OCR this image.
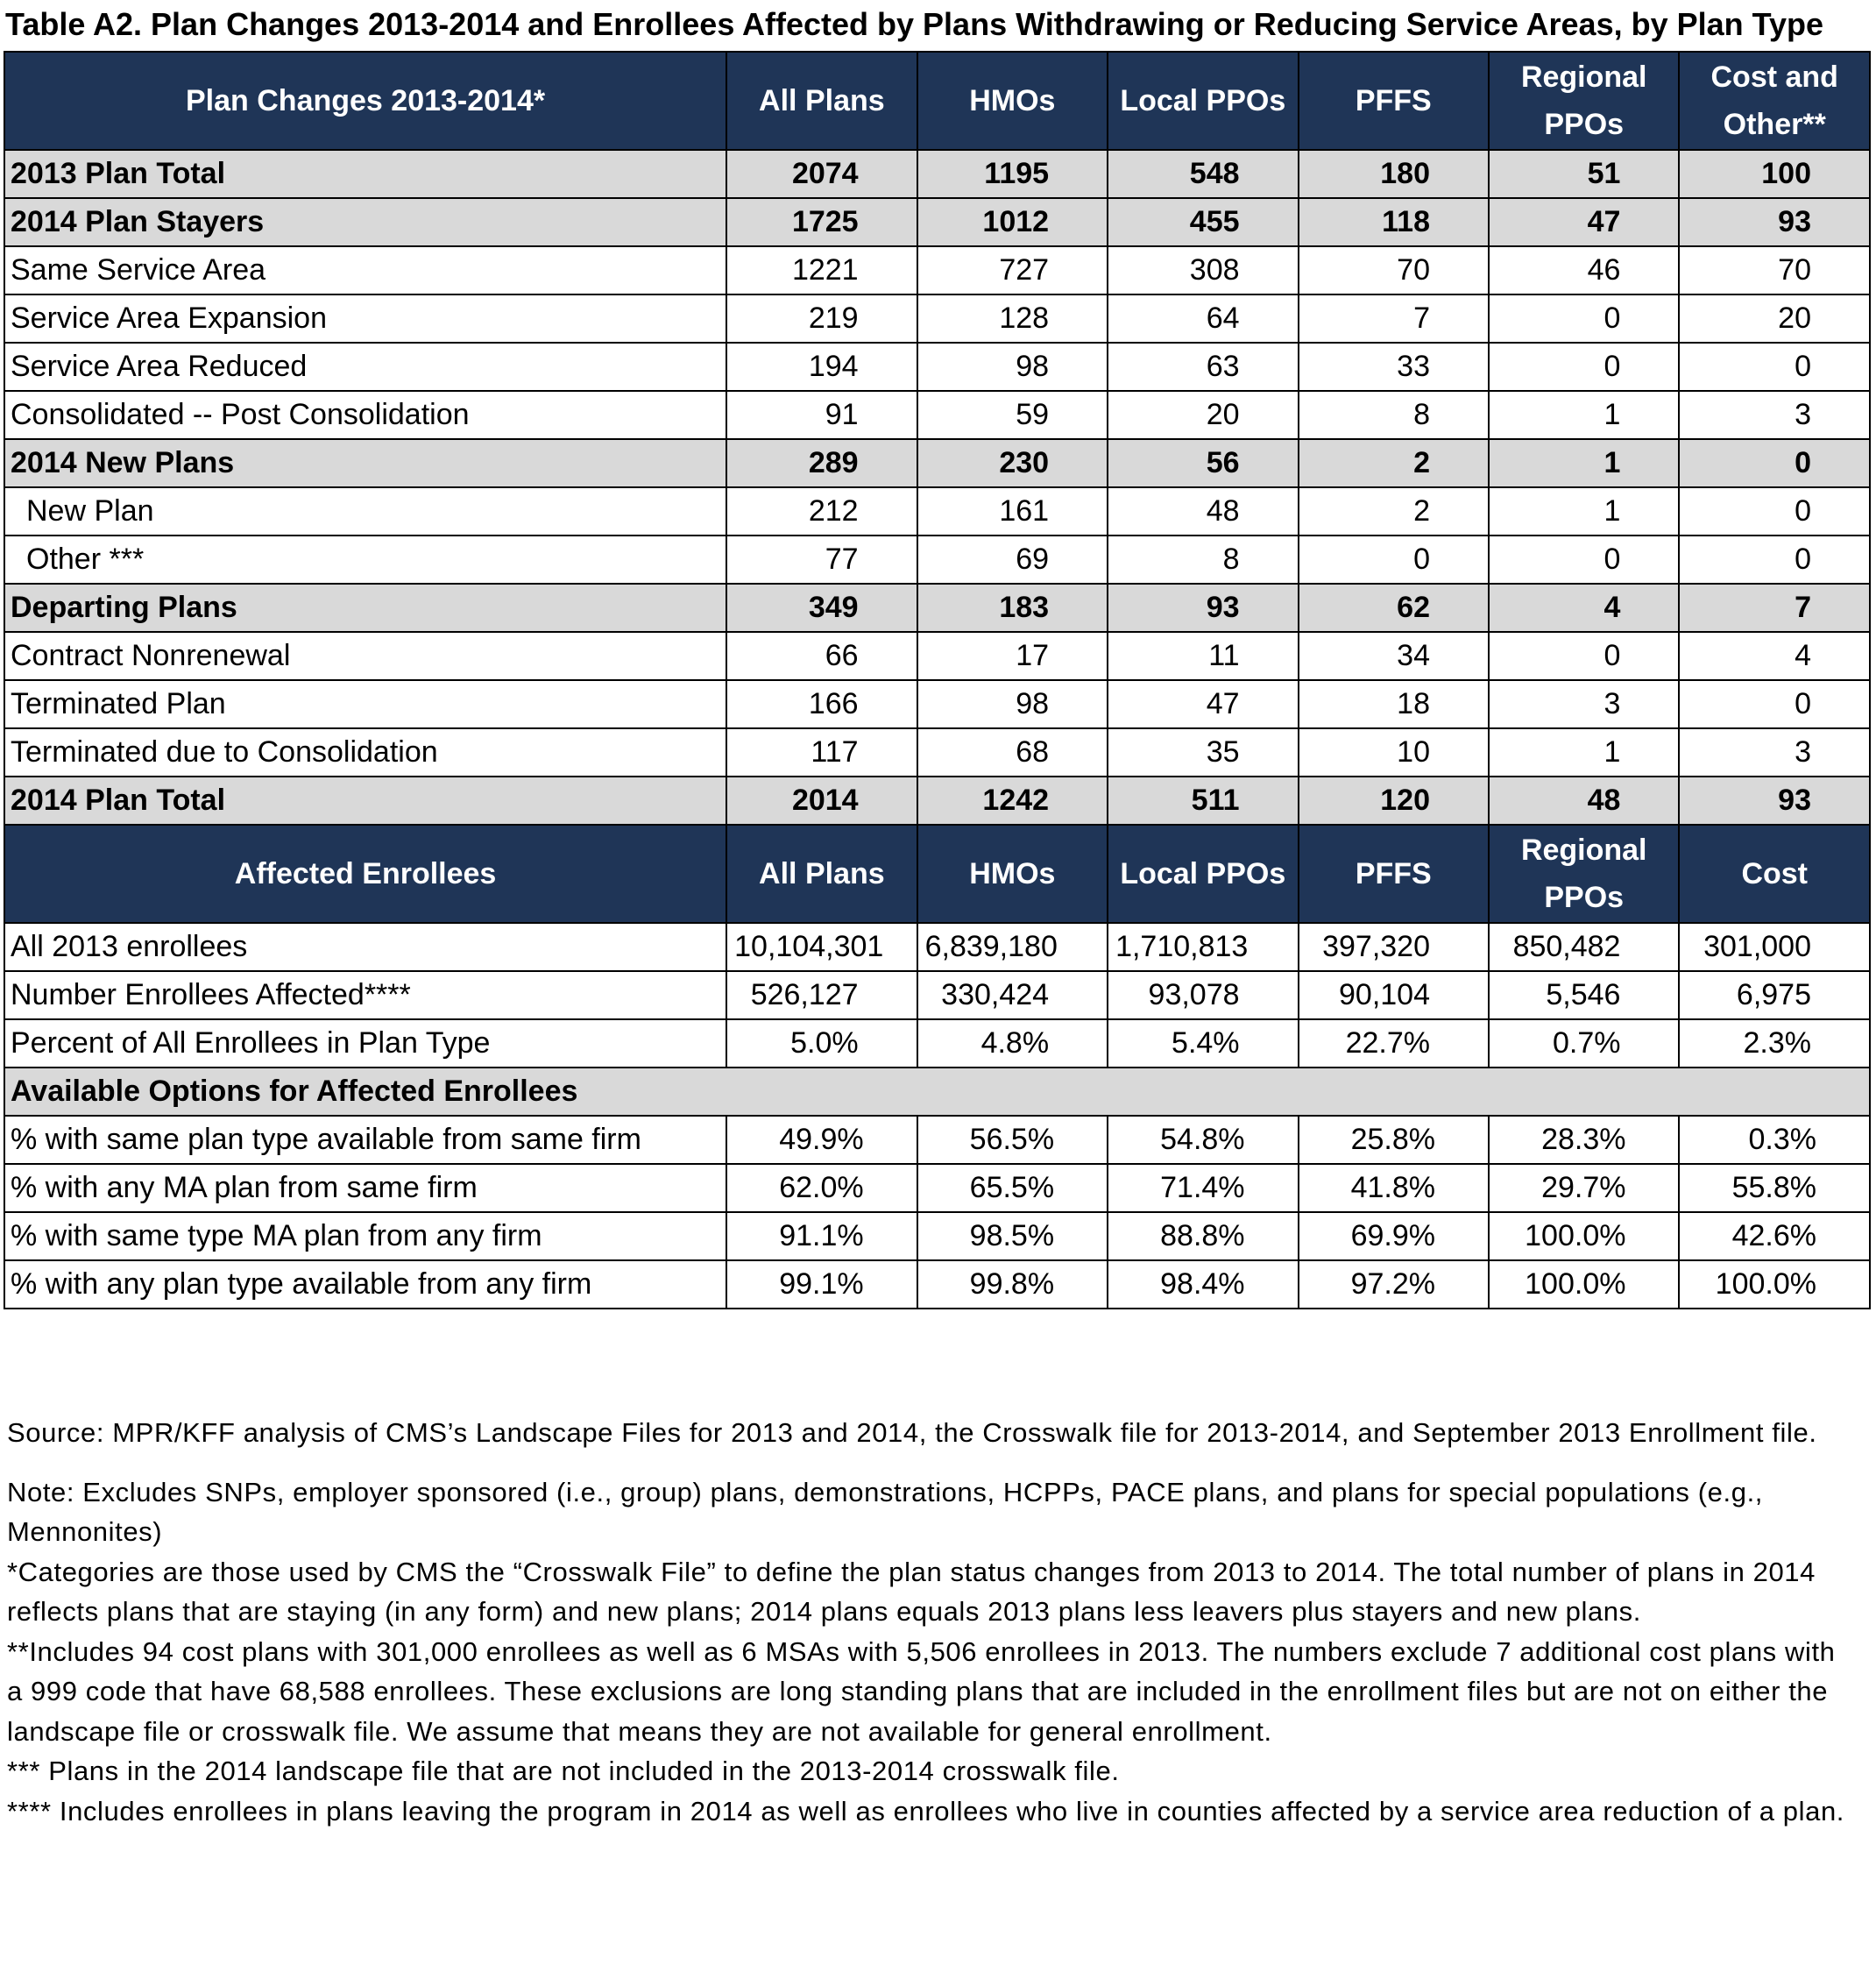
Table A2. Plan Changes 2013-2014 and Enrollees Affected by Plans Withdrawing or Reducing Service Areas, by Plan Type
Plan Changes 2013-2014*	All Plans	HMOs	Local PPOs	PFFS	Regional PPOs	Cost and Other**
2013 Plan Total	2074	1195	548	180	51	100
2014 Plan Stayers	1725	1012	455	118	47	93
Same Service Area	1221	727	308	70	46	70
Service Area Expansion	219	128	64	7	0	20
Service Area Reduced	194	98	63	33	0	0
Consolidated -- Post Consolidation	91	59	20	8	1	3
2014 New Plans	289	230	56	2	1	0
New Plan	212	161	48	2	1	0
Other ***	77	69	8	0	0	0
Departing Plans	349	183	93	62	4	7
Contract Nonrenewal	66	17	11	34	0	4
Terminated Plan	166	98	47	18	3	0
Terminated due to Consolidation	117	68	35	10	1	3
2014 Plan Total	2014	1242	511	120	48	93
Affected Enrollees	All Plans	HMOs	Local PPOs	PFFS	Regional PPOs	Cost
All 2013 enrollees	10,104,301	6,839,180	1,710,813	397,320	850,482	301,000
Number Enrollees Affected****	526,127	330,424	93,078	90,104	5,546	6,975
Percent of All Enrollees in Plan Type	5.0%	4.8%	5.4%	22.7%	0.7%	2.3%
Available Options for Affected Enrollees						
% with same plan type available from same firm	49.9%	56.5%	54.8%	25.8%	28.3%	0.3%
% with any MA plan from same firm	62.0%	65.5%	71.4%	41.8%	29.7%	55.8%
% with same type MA plan from any firm	91.1%	98.5%	88.8%	69.9%	100.0%	42.6%
% with any plan type available from any firm	99.1%	99.8%	98.4%	97.2%	100.0%	100.0%

Source: MPR/KFF analysis of CMS’s Landscape Files for 2013 and 2014, the Crosswalk file for 2013-2014, and September 2013 Enrollment file.

Note: Excludes SNPs, employer sponsored (i.e., group) plans, demonstrations, HCPPs, PACE plans, and plans for special populations (e.g., Mennonites)

*Categories are those used by CMS the “Crosswalk File” to define the plan status changes from 2013 to 2014. The total number of plans in 2014 reflects plans that are staying (in any form) and new plans; 2014 plans equals 2013 plans less leavers plus stayers and new plans.

**Includes 94 cost plans with 301,000 enrollees as well as 6 MSAs with 5,506 enrollees in 2013. The numbers exclude 7 additional cost plans with a 999 code that have 68,588 enrollees. These exclusions are long standing plans that are included in the enrollment files but are not on either the landscape file or crosswalk file. We assume that means they are not available for general enrollment.

*** Plans in the 2014 landscape file that are not included in the 2013-2014 crosswalk file.

**** Includes enrollees in plans leaving the program in 2014 as well as enrollees who live in counties affected by a service area reduction of a plan.
